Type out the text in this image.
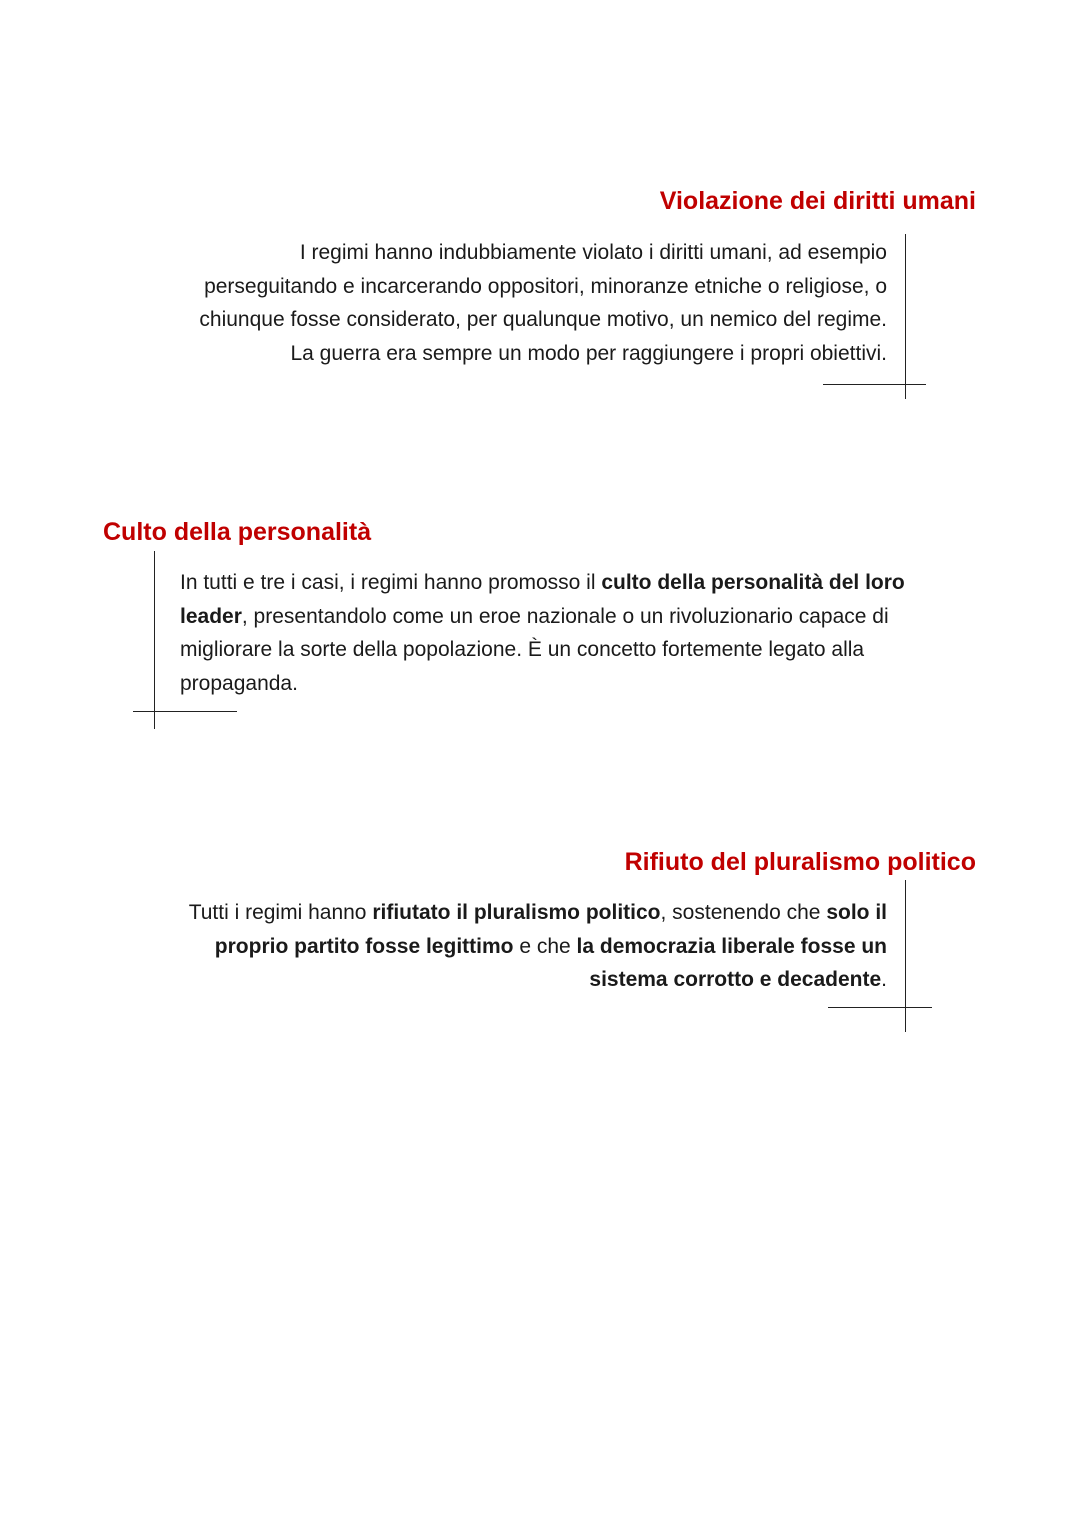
Violazione dei diritti umani

I regimi hanno indubbiamente violato i diritti umani, ad esempio
perseguitando e incarcerando oppositori, minoranze etniche o religiose, o
chiunque fosse considerato, per qualunque motivo, un nemico del regime.
La guerra era sempre un modo per raggiungere i propri obiettivi.

Culto della personalità

In tutti e tre i casi, i regimi hanno promosso il culto della personalità del loro
leader, presentandolo come un eroe nazionale o un rivoluzionario capace di
migliorare la sorte della popolazione. È un concetto fortemente legato alla
propaganda.

Rifiuto del pluralismo politico

Tutti i regimi hanno rifiutato il pluralismo politico, sostenendo che solo il
proprio partito fosse legittimo e che la democrazia liberale fosse un
sistema corrotto e decadente.
